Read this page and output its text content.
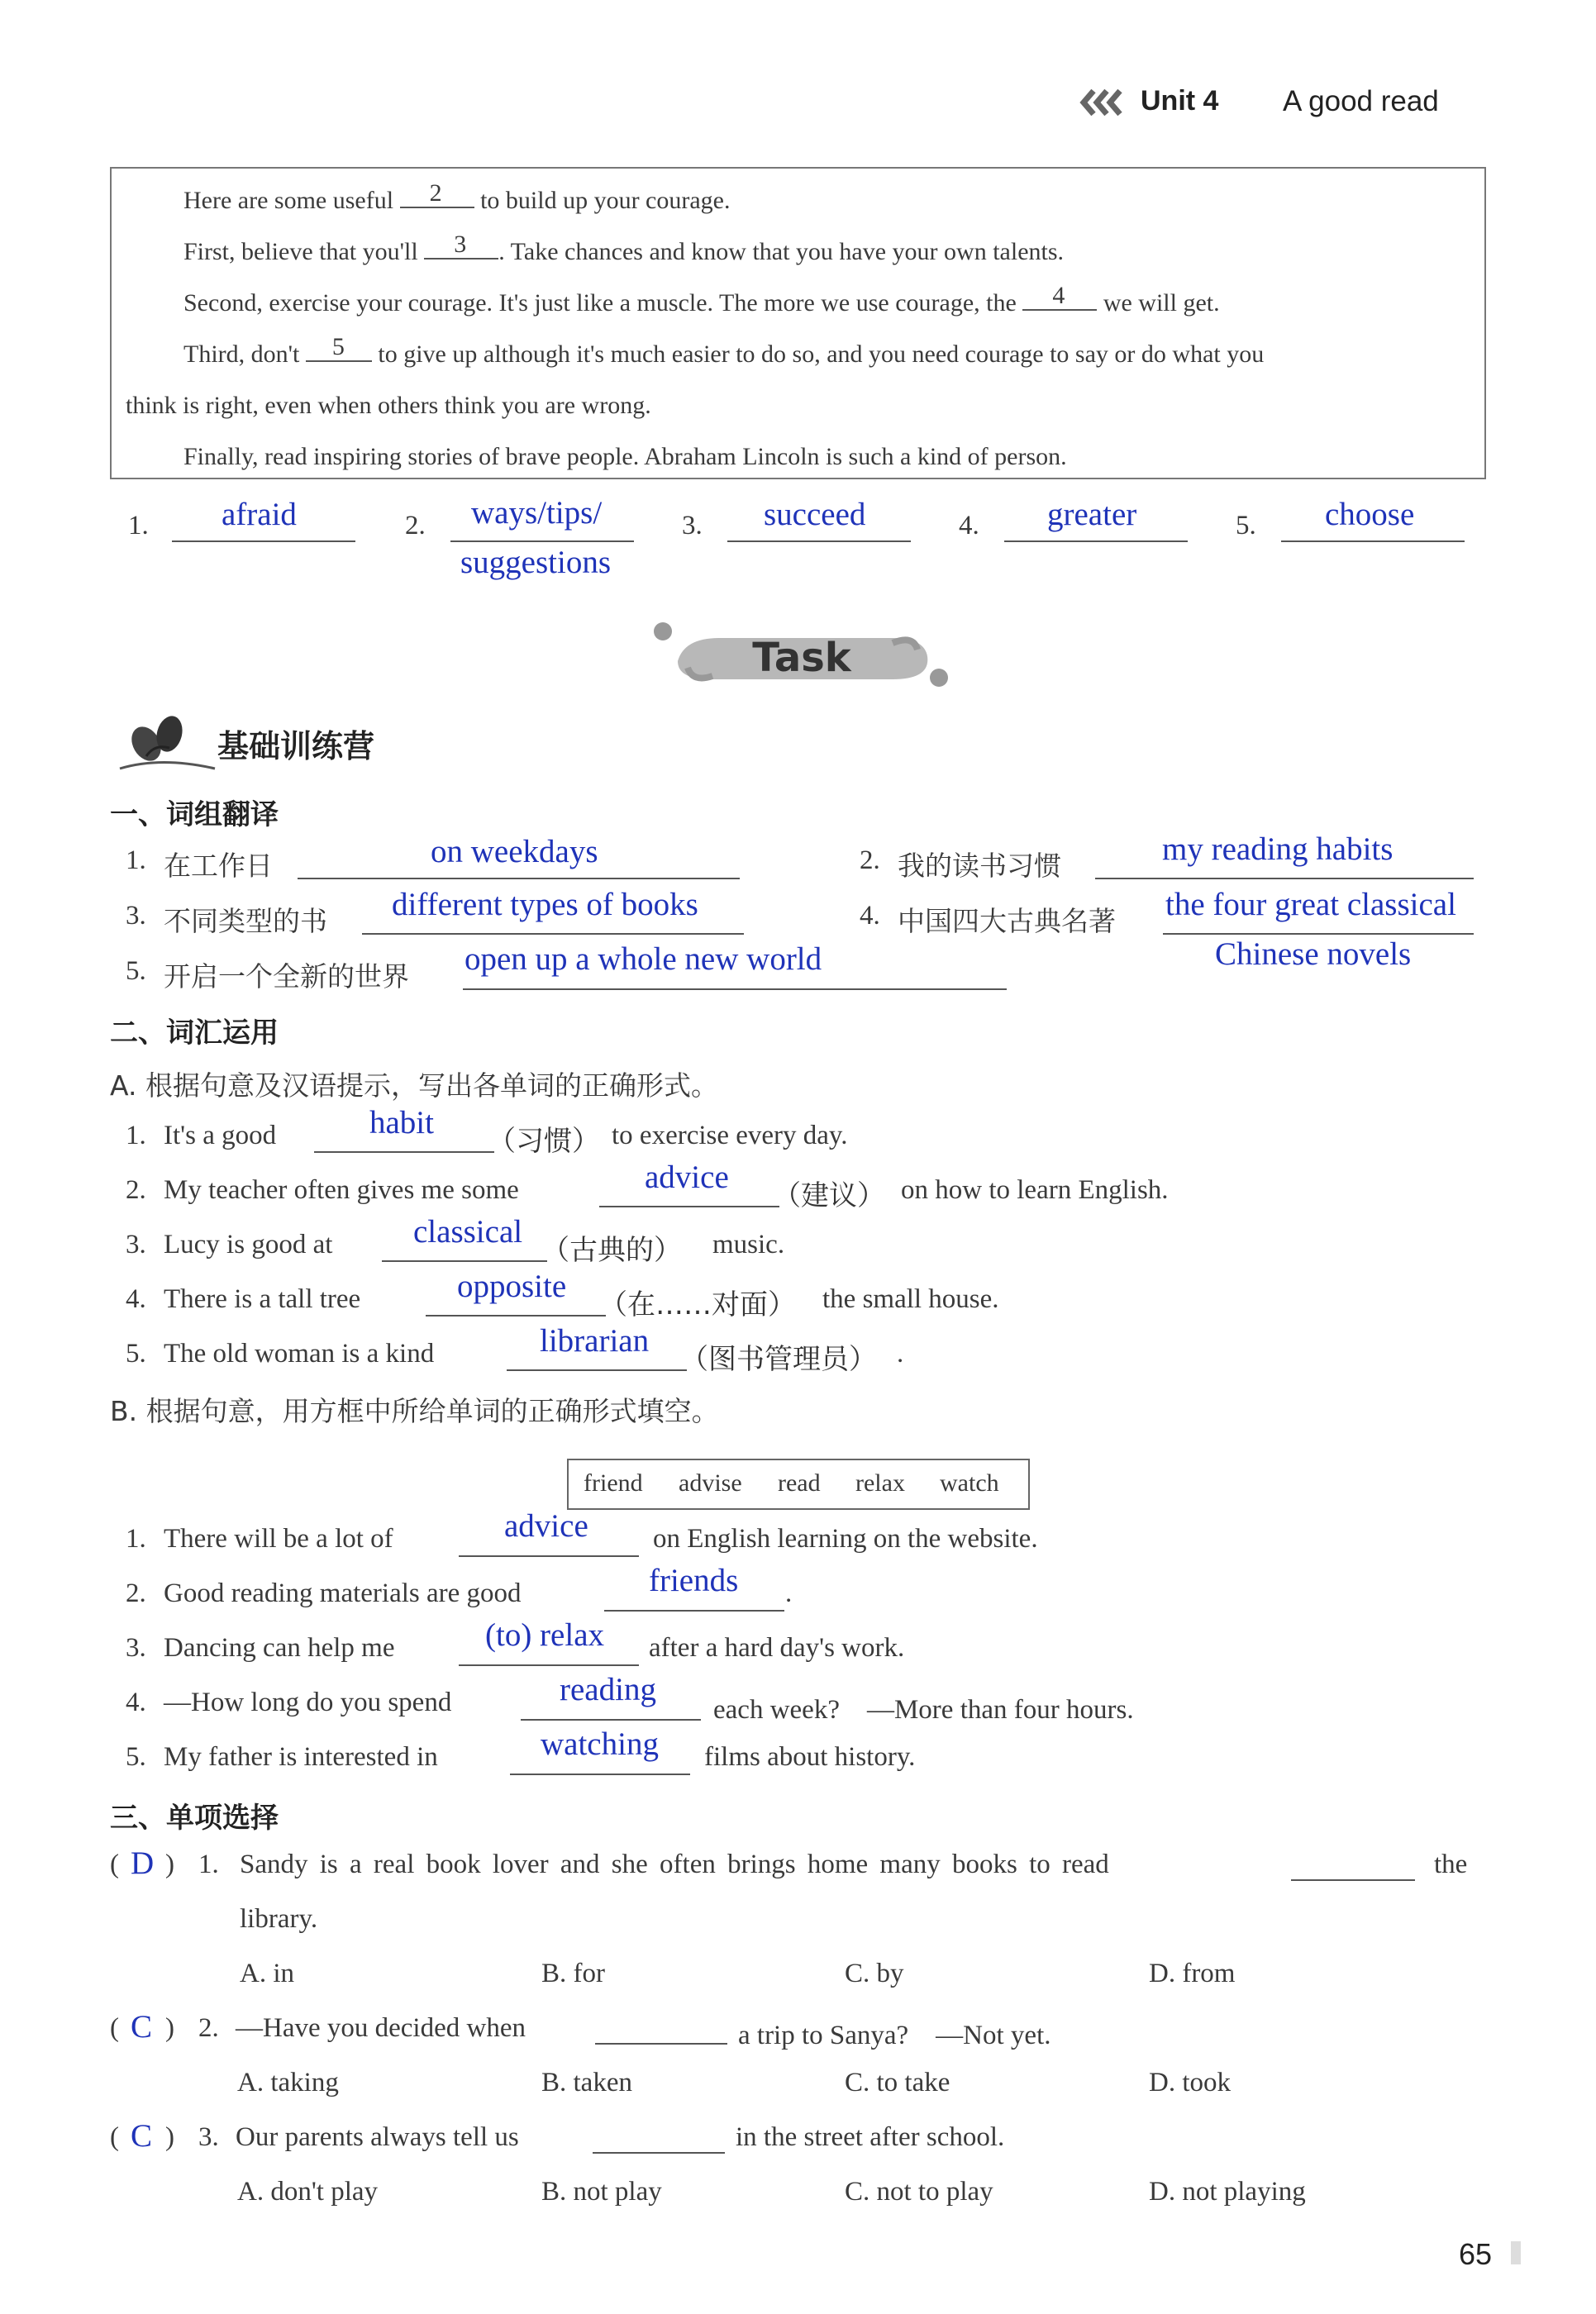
Unit 4 A good read
Here are some useful 2 to build up your courage.
First, believe that you'll 3 . Take chances and know that you have your own talents.
Second, exercise your courage. It's just like a muscle. The more we use courage, the 4 we will get.
Third, don't 5 to give up although it's much easier to do so, and you need courage to say or do what you
think is right, even when others think you are wrong.
Finally, read inspiring stories of brave people. Abraham Lincoln is such a kind of person.
1. afraid	2. ways/tips/
suggestions
3. succeed	4. greater	5. choose
Task
基础训练营
一、词组翻译
1. 在工作日	on weekdays	2. 我的读书习惯	my reading habits
3. 不同类型的书 different types of books	4. 中国四大古典名著 the four great classical
Chinese novels
5. 开启一个全新的世界 open up a whole new world
二、词汇运用
A. 根据句意及汉语提示，写出各单词的正确形式。
1. It's a good	habit
（习惯） to exercise every day.
2. My teacher often gives me some	advice
（建议） on how to learn English.
3. Lucy is good at	classical
（古典的） music.
4. There is a tall tree	opposite
（在……对面） the small house.
5. The old woman is a kind	librarian
（图书管理员） .
B. 根据句意，用方框中所给单词的正确形式填空。
friend advise read relax watch
1. There will be a lot of	advice on English learning on the website.
2. Good reading materials are good	friends .
3. Dancing can help me	(to) relax after a hard day's work.
4. —How long do you spend	reading
each week?　—More than four hours.
5. My father is interested in	watching films about history.
三、单项选择
( )
D 1. Sandy is a real book lover and she often brings home many books to read	the
library.
A. in	B. for	C. by	D. from
( )
C 2. —Have you decided when	a trip to Sanya?　—Not yet.
A. taking	B. taken	C. to take	D. took
( )
C 3. Our parents always tell us	in the street after school.
A. don't play	B. not play	C. not to play	D. not playing
65
